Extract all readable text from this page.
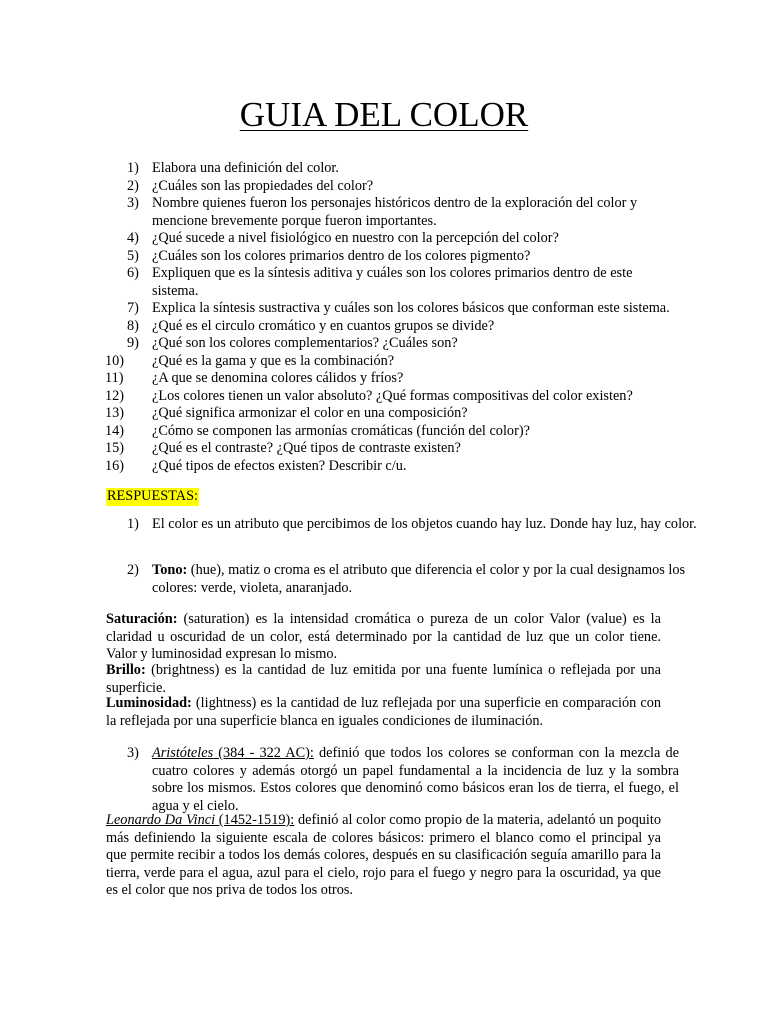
GUIA DEL COLOR
1) Elabora una definición del color.
2) ¿Cuáles son las propiedades del color?
3) Nombre quienes fueron los personajes históricos dentro de la exploración del color y mencione brevemente porque fueron importantes.
4) ¿Qué sucede a nivel fisiológico en nuestro con la percepción del color?
5) ¿Cuáles son los colores primarios dentro de los colores pigmento?
6) Expliquen que es la síntesis aditiva y cuáles son los colores primarios dentro de este sistema.
7) Explica la síntesis sustractiva y cuáles son los colores básicos que conforman este sistema.
8) ¿Qué es el circulo cromático y en cuantos grupos se divide?
9) ¿Qué son los colores complementarios? ¿Cuáles son?
10) ¿Qué es la gama y que es la combinación?
11) ¿A que se denomina colores cálidos y fríos?
12) ¿Los colores tienen un valor absoluto? ¿Qué formas compositivas del color existen?
13) ¿Qué significa armonizar el color en una composición?
14) ¿Cómo se componen las armonías cromáticas (función del color)?
15) ¿Qué es el contraste? ¿Qué tipos de contraste existen?
16) ¿Qué tipos de efectos existen? Describir c/u.
RESPUESTAS:
1) El color es un atributo que percibimos de los objetos cuando hay luz. Donde hay luz, hay color.
2) Tono: (hue), matiz o croma es el atributo que diferencia el color y por la cual designamos los colores: verde, violeta, anaranjado.
Saturación: (saturation) es la intensidad cromática o pureza de un color Valor (value) es la claridad u oscuridad de un color, está determinado por la cantidad de luz que un color tiene. Valor y luminosidad expresan lo mismo.
Brillo: (brightness) es la cantidad de luz emitida por una fuente lumínica o reflejada por una superficie.
Luminosidad: (lightness) es la cantidad de luz reflejada por una superficie en comparación con la reflejada por una superficie blanca en iguales condiciones de iluminación.
3) Aristóteles (384 - 322 AC): definió que todos los colores se conforman con la mezcla de cuatro colores y además otorgó un papel fundamental a la incidencia de luz y la sombra sobre los mismos. Estos colores que denominó como básicos eran los de tierra, el fuego, el agua y el cielo.
Leonardo Da Vinci (1452-1519): definió al color como propio de la materia, adelantó un poquito más definiendo la siguiente escala de colores básicos: primero el blanco como el principal ya que permite recibir a todos los demás colores, después en su clasificación seguía amarillo para la tierra, verde para el agua, azul para el cielo, rojo para el fuego y negro para la oscuridad, ya que es el color que nos priva de todos los otros.
